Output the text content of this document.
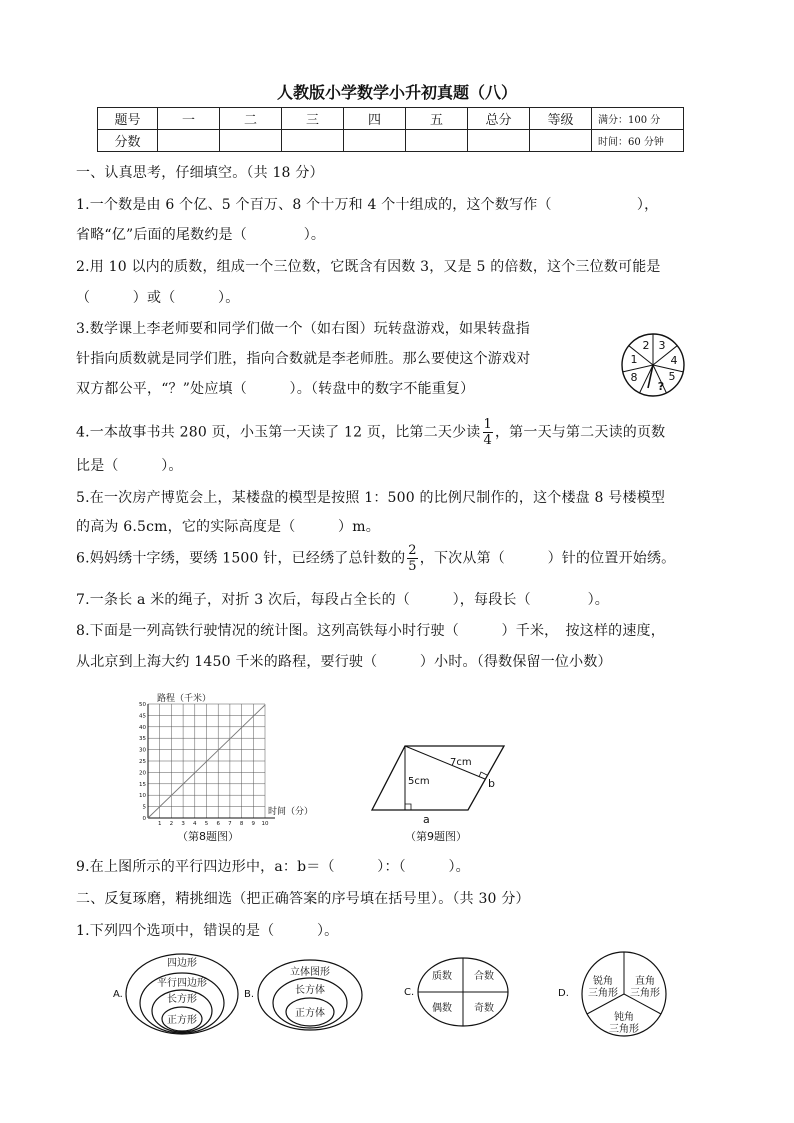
人教版小学数学小升初真题（八）
题号	一	二	三	四	五	总分	等级	满分：100 分
分数								时间：60 分钟
一、认真思考，仔细填空。（共 18 分）
1.一个数是由 6 个亿、5 个百万、8 个十万和 4 个十组成的，这个数写作（　　　　　　），
省略“亿”后面的尾数约是（　　　　）。
2.用 10 以内的质数，组成一个三位数，它既含有因数 3，又是 5 的倍数，这个三位数可能是
（　　　）或（　　　）。
3.数学课上李老师要和同学们做一个（如右图）玩转盘游戏，如果转盘指
针指向质数就是同学们胜，指向合数就是李老师胜。那么要使这个游戏对
双方都公平，“？”处应填（　　　）。（转盘中的数字不能重复）
1
2 3
4
5
?
8
4.一本故事书共 280 页，小玉第一天读了 12 页，比第二天少读 $\frac{1}{4}$ ，第一天与第二天读的页数
比是（　　　）。
5.在一次房产博览会上，某楼盘的模型是按照 1：500 的比例尺制作的，这个楼盘 8 号楼模型
的高为 6.5cm，它的实际高度是（　　　）m。
6.妈妈绣十字绣，要绣 1500 针，已经绣了总针数的 $\frac{2}{5}$ ，下次从第（　　　）针的位置开始绣。
7.一条长 a 米的绳子，对折 3 次后，每段占全长的（　　　），每段长（　　　　）。
8.下面是一列高铁行驶情况的统计图。这列高铁每小时行驶（　　　）千米，　按这样的速度，
从北京到上海大约 1450 千米的路程，要行驶（　　　）小时。（得数保留一位小数）
路程（千米）
时间（分）
50
45
40
35
30
25
20
15
10
5
0
1 2 3 4 5 6 7 8 9 10
（第8题图）
7cm
5cm
a
b
（第9题图）
9.在上图所示的平行四边形中，a：b＝（　　　）：（　　　）。
二、反复琢磨，精挑细选（把正确答案的序号填在括号里）。（共 30 分）
1.下列四个选项中，错误的是（　　　）。
A.
四边形
平行四边形
长方形
正方形
B.
立体图形
长方体
正方体
C.
质数 合数
偶数 奇数
D.
锐角
三角形
直角
三角形
钝角
三角形
